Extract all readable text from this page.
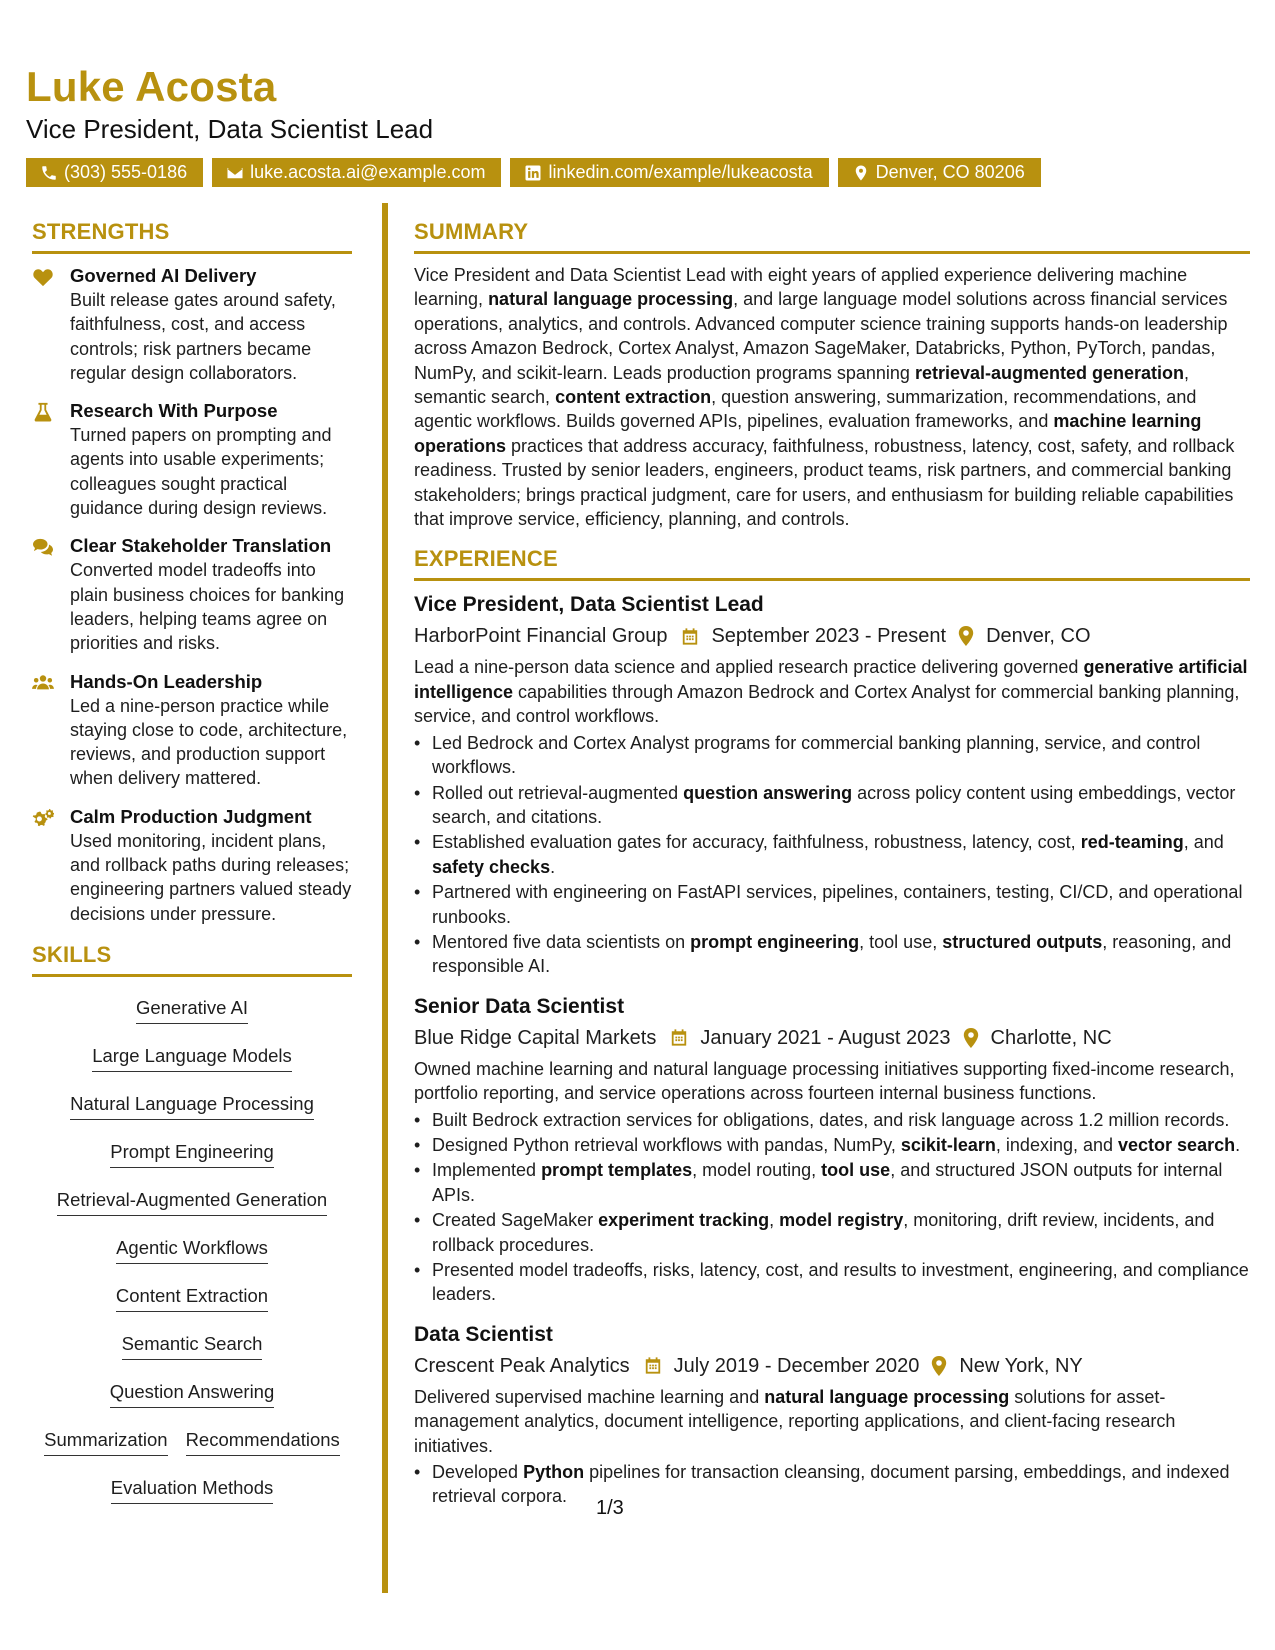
Luke Acosta
Vice President, Data Scientist Lead
(303) 555-0186	luke.acosta.ai@example.com	linkedin.com/example/lukeacosta	Denver, CO 80206
STRENGTHS
Governed AI Delivery
Built release gates around safety, faithfulness, cost, and access controls; risk partners became regular design collaborators.
Research With Purpose
Turned papers on prompting and agents into usable experiments; colleagues sought practical guidance during design reviews.
Clear Stakeholder Translation
Converted model tradeoffs into plain business choices for banking leaders, helping teams agree on priorities and risks.
Hands-On Leadership
Led a nine-person practice while staying close to code, architecture, reviews, and production support when delivery mattered.
Calm Production Judgment
Used monitoring, incident plans, and rollback paths during releases; engineering partners valued steady decisions under pressure.
SKILLS
Generative AI
Large Language Models
Natural Language Processing
Prompt Engineering
Retrieval-Augmented Generation
Agentic Workflows
Content Extraction
Semantic Search
Question Answering
Summarization Recommendations
Evaluation Methods
SUMMARY

Vice President and Data Scientist Lead with eight years of applied experience delivering machine learning, natural language processing, and large language model solutions across financial services operations, analytics, and controls. Advanced computer science training supports hands-on leadership across Amazon Bedrock, Cortex Analyst, Amazon SageMaker, Databricks, Python, PyTorch, pandas, NumPy, and scikit-learn. Leads production programs spanning retrieval-augmented generation, semantic search, content extraction, question answering, summarization, recommendations, and agentic workflows. Builds governed APIs, pipelines, evaluation frameworks, and machine learning operations practices that address accuracy, faithfulness, robustness, latency, cost, safety, and rollback readiness. Trusted by senior leaders, engineers, product teams, risk partners, and commercial banking stakeholders; brings practical judgment, care for users, and enthusiasm for building reliable capabilities that improve service, efficiency, planning, and controls.

EXPERIENCE
Vice President, Data Scientist Lead
HarborPoint Financial Group September 2023 - Present Denver, CO

Lead a nine-person data science and applied research practice delivering governed generative artificial intelligence capabilities through Amazon Bedrock and Cortex Analyst for commercial banking planning, service, and control workflows.

• Led Bedrock and Cortex Analyst programs for commercial banking planning, service, and control workflows.
• Rolled out retrieval-augmented question answering across policy content using embeddings, vector search, and citations.
• Established evaluation gates for accuracy, faithfulness, robustness, latency, cost, red-teaming, and safety checks.
• Partnered with engineering on FastAPI services, pipelines, containers, testing, CI/CD, and operational runbooks.
• Mentored five data scientists on prompt engineering, tool use, structured outputs, reasoning, and responsible AI.
Senior Data Scientist
Blue Ridge Capital Markets January 2021 - August 2023 Charlotte, NC

Owned machine learning and natural language processing initiatives supporting fixed-income research, portfolio reporting, and service operations across fourteen internal business functions.

• Built Bedrock extraction services for obligations, dates, and risk language across 1.2 million records.
• Designed Python retrieval workflows with pandas, NumPy, scikit-learn, indexing, and vector search.
• Implemented prompt templates, model routing, tool use, and structured JSON outputs for internal APIs.
• Created SageMaker experiment tracking, model registry, monitoring, drift review, incidents, and rollback procedures.
• Presented model tradeoffs, risks, latency, cost, and results to investment, engineering, and compliance leaders.
Data Scientist
Crescent Peak Analytics July 2019 - December 2020 New York, NY

Delivered supervised machine learning and natural language processing solutions for asset-management analytics, document intelligence, reporting applications, and client-facing research initiatives.

• Developed Python pipelines for transaction cleansing, document parsing, embeddings, and indexed retrieval corpora.
1/3
